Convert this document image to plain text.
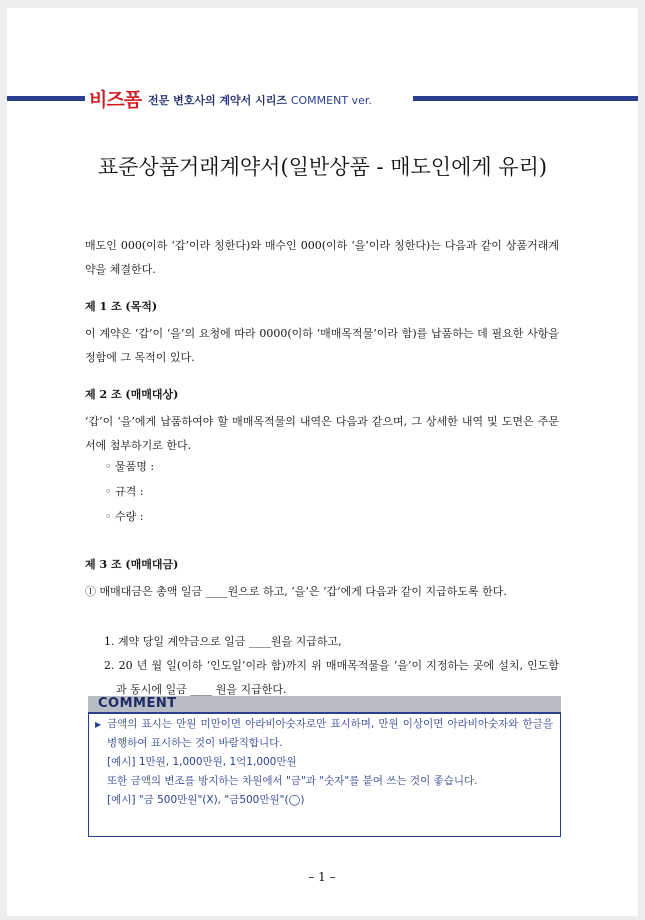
비즈폼 전문 변호사의 계약서 시리즈 COMMENT ver.
표준상품거래계약서(일반상품 - 매도인에게 유리)
매도인 000(이하 ‘갑’이라 칭한다)와 매수인 000(이하 ‘을’이라 칭한다)는 다음과 같이 상품거래계약을 체결한다.
제 1 조 (목적)
이 계약은 ‘갑’이 ‘을’의 요청에 따라 0000(이하 ‘매매목적물’이라 함)를 납품하는 데 필요한 사항을 정함에 그 목적이 있다.
제 2 조 (매매대상)
‘갑’이 ‘을’에게 납품하여야 할 매매목적물의 내역은 다음과 같으며, 그 상세한 내역 및 도면은 주문서에 첨부하기로 한다.
◦ 물품명 :
◦ 규격 :
◦ 수량 :
제 3 조 (매매대금)
① 매매대금은 총액 일금 ____원으로 하고, ‘을’은 ‘갑’에게 다음과 같이 지급하도록 한다.
1. 계약 당일 계약금으로 일금 ____원을 지급하고,
2. 20 년 월 일(이하 ‘인도일’이라 함)까지 위 매매목적물을 ‘을’이 지정하는 곳에 설치, 인도함과 동시에 일금 ____ 원을 지급한다.
COMMENT
▶ 금액의 표시는 만원 미만이면 아라비아숫자로만 표시하며, 만원 이상이면 아라비아숫자와 한글을 병행하여 표시하는 것이 바람직합니다.
[예시] 1만원, 1,000만원, 1억1,000만원
또한 금액의 변조를 방지하는 차원에서 "금"과 "숫자"를 붙여 쓰는 것이 좋습니다.
[예시] "금 500만원"(X), "금500만원"(◯)
– 1 –
